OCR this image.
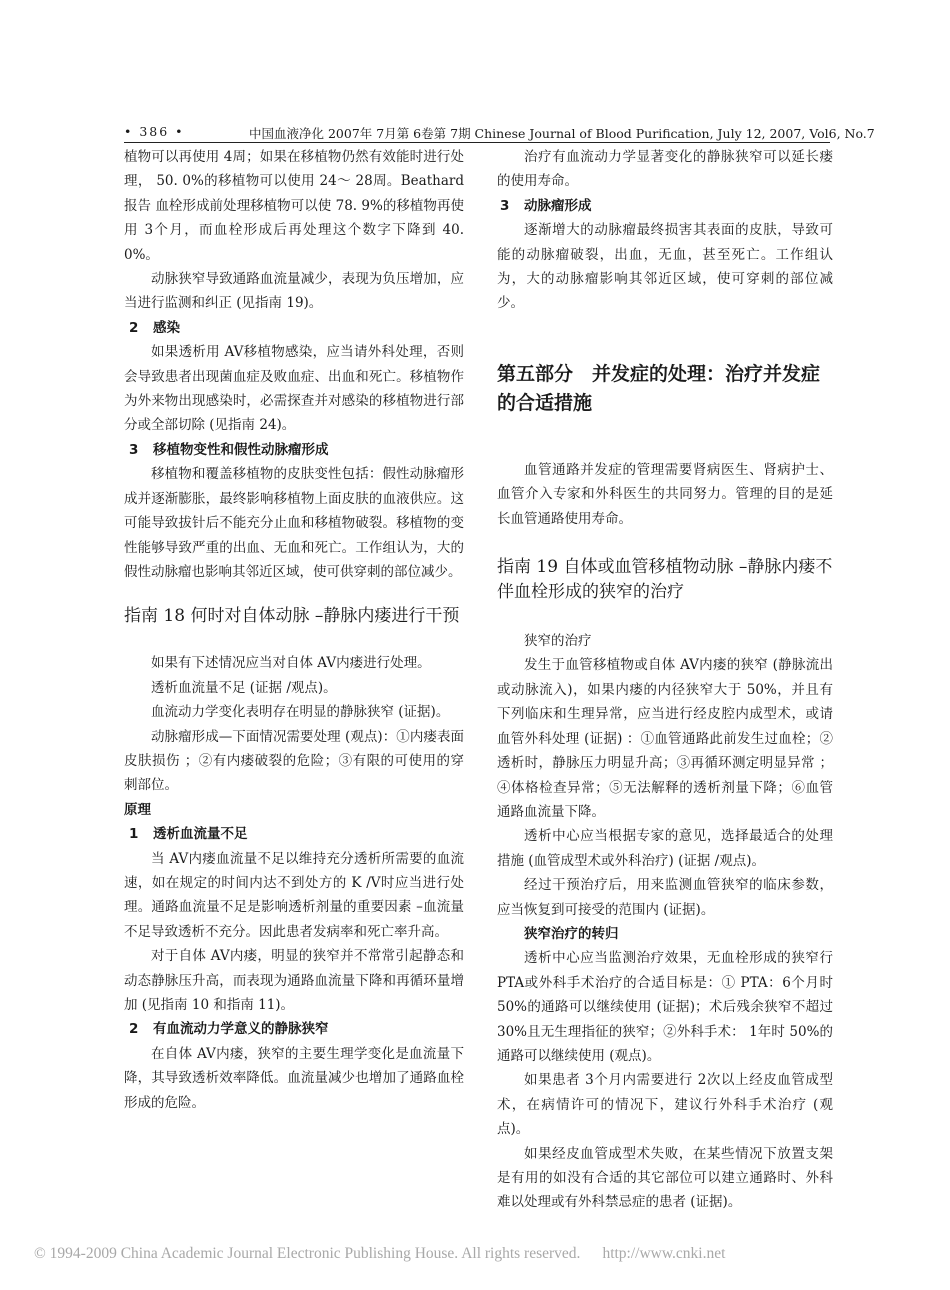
• 386 •	中国血液净化 2007年 7月第 6卷第 7期 Chinese Journal of Blood Purification, July 12, 2007, Vol6, No.7

植物可以再使用 4周；如果在移植物仍然有效能时进行处理， 50. 0%的移植物可以使用 24～ 28周。Beathard报告 血栓形成前处理移植物可以使 78. 9%的移植物再使用 3个月，而血栓形成后再处理这个数字下降到 40. 0%。

动脉狭窄导致通路血流量减少，表现为负压增加，应当进行监测和纠正 (见指南 19)。

2 感染

如果透析用 AV移植物感染，应当请外科处理，否则会导致患者出现菌血症及败血症、出血和死亡。移植物作为外来物出现感染时，必需探查并对感染的移植物进行部分或全部切除 (见指南 24)。

3 移植物变性和假性动脉瘤形成

移植物和覆盖移植物的皮肤变性包括：假性动脉瘤形成并逐渐膨胀，最终影响移植物上面皮肤的血液供应。这可能导致拔针后不能充分止血和移植物破裂。移植物的变性能够导致严重的出血、无血和死亡。工作组认为，大的假性动脉瘤也影响其邻近区域，使可供穿刺的部位减少。

指南 18 何时对自体动脉 –静脉内瘘进行干预

如果有下述情况应当对自体 AV内瘘进行处理。

透析血流量不足 (证据 /观点)。

血流动力学变化表明存在明显的静脉狭窄 (证据)。

动脉瘤形成—下面情况需要处理 (观点)：①内瘘表面皮肤损伤 ；②有内瘘破裂的危险；③有限的可使用的穿刺部位。

原理
1 透析血流量不足

当 AV内瘘血流量不足以维持充分透析所需要的血流速，如在规定的时间内达不到处方的 K /V时应当进行处理。通路血流量不足是影响透析剂量的重要因素 –血流量不足导致透析不充分。因此患者发病率和死亡率升高。

对于自体 AV内瘘，明显的狭窄并不常常引起静态和动态静脉压升高，而表现为通路血流量下降和再循环量增加 (见指南 10 和指南 11)。

2 有血流动力学意义的静脉狭窄

在自体 AV内瘘，狭窄的主要生理学变化是血流量下降，其导致透析效率降低。血流量减少也增加了通路血栓形成的危险。

治疗有血流动力学显著变化的静脉狭窄可以延长瘘的使用寿命。

3 动脉瘤形成

逐渐增大的动脉瘤最终损害其表面的皮肤，导致可能的动脉瘤破裂，出血，无血，甚至死亡。工作组认为，大的动脉瘤影响其邻近区域，使可穿刺的部位减少。

第五部分　并发症的处理：治疗并发症的合适措施

血管通路并发症的管理需要肾病医生、肾病护士、血管介入专家和外科医生的共同努力。管理的目的是延长血管通路使用寿命。

指南 19 自体或血管移植物动脉 –静脉内瘘不伴血栓形成的狭窄的治疗

狭窄的治疗

发生于血管移植物或自体 AV内瘘的狭窄 (静脉流出或动脉流入)，如果内瘘的内径狭窄大于 50%，并且有下列临床和生理异常，应当进行经皮腔内成型术，或请血管外科处理 (证据) ：①血管通路此前发生过血栓；②透析时，静脉压力明显升高；③再循环测定明显异常 ；④体格检查异常；⑤无法解释的透析剂量下降；⑥血管通路血流量下降。

透析中心应当根据专家的意见，选择最适合的处理措施 (血管成型术或外科治疗) (证据 /观点)。

经过干预治疗后，用来监测血管狭窄的临床参数，应当恢复到可接受的范围内 (证据)。

狭窄治疗的转归

透析中心应当监测治疗效果，无血栓形成的狭窄行 PTA或外科手术治疗的合适目标是：① PTA：6个月时 50%的通路可以继续使用 (证据)；术后残余狭窄不超过 30%且无生理指征的狭窄；②外科手术： 1年时 50%的通路可以继续使用 (观点)。

如果患者 3个月内需要进行 2次以上经皮血管成型术，在病情许可的情况下，建议行外科手术治疗 (观点)。

如果经皮血管成型术失败，在某些情况下放置支架是有用的如没有合适的其它部位可以建立通路时、外科难以处理或有外科禁忌症的患者 (证据)。

© 1994-2009 China Academic Journal Electronic Publishing House. All rights reserved. http://www.cnki.net
